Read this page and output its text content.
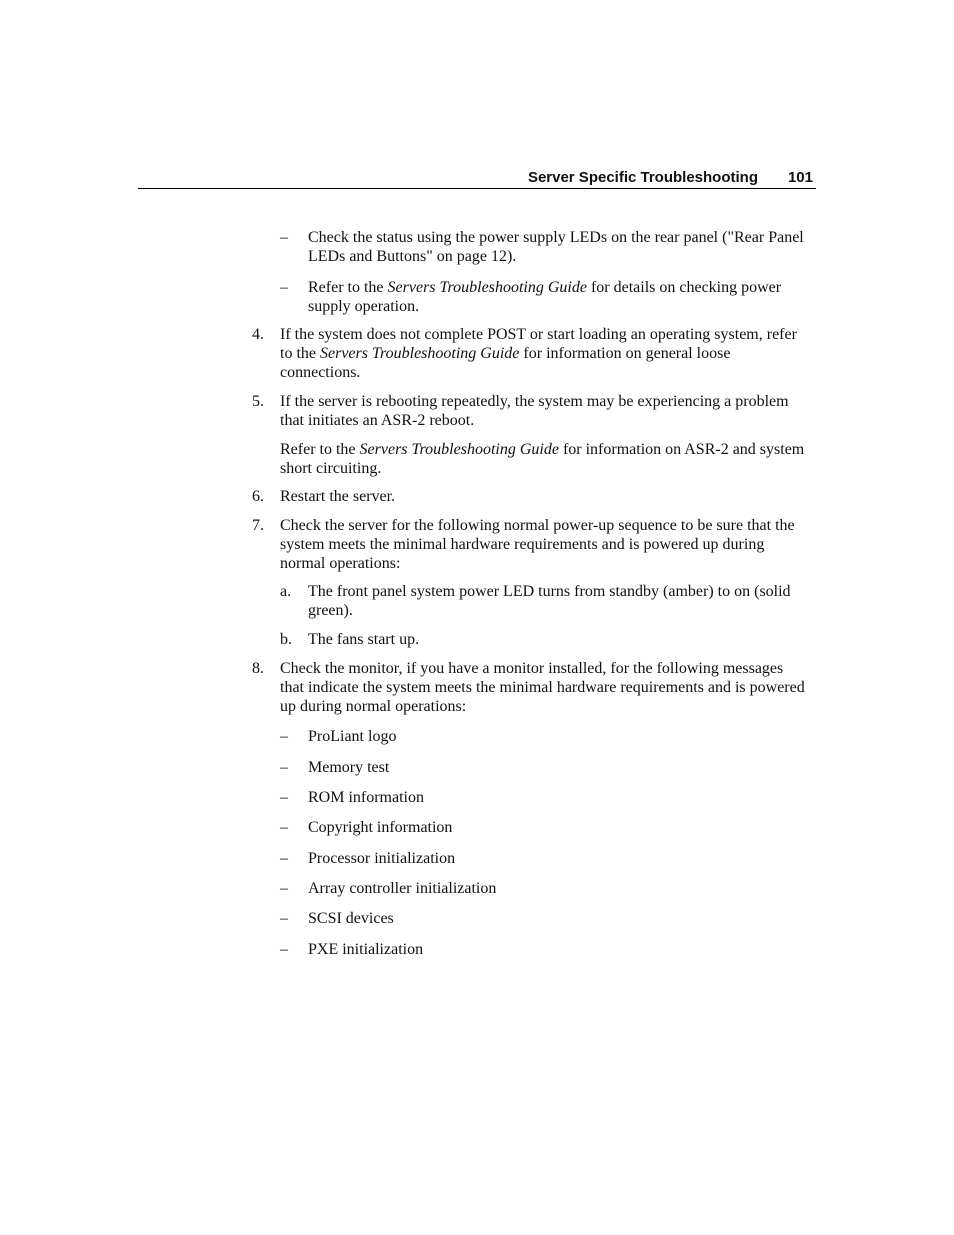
Server Specific Troubleshooting 101
– Check the status using the power supply LEDs on the rear panel ("Rear Panel LEDs and Buttons" on page 12).
– Refer to the Servers Troubleshooting Guide for details on checking power supply operation.
4. If the system does not complete POST or start loading an operating system, refer to the Servers Troubleshooting Guide for information on general loose connections.
5. If the server is rebooting repeatedly, the system may be experiencing a problem that initiates an ASR-2 reboot.
Refer to the Servers Troubleshooting Guide for information on ASR-2 and system short circuiting.
6. Restart the server.
7. Check the server for the following normal power-up sequence to be sure that the system meets the minimal hardware requirements and is powered up during normal operations:
a. The front panel system power LED turns from standby (amber) to on (solid green).
b. The fans start up.
8. Check the monitor, if you have a monitor installed, for the following messages that indicate the system meets the minimal hardware requirements and is powered up during normal operations:
– ProLiant logo
– Memory test
– ROM information
– Copyright information
– Processor initialization
– Array controller initialization
– SCSI devices
– PXE initialization
